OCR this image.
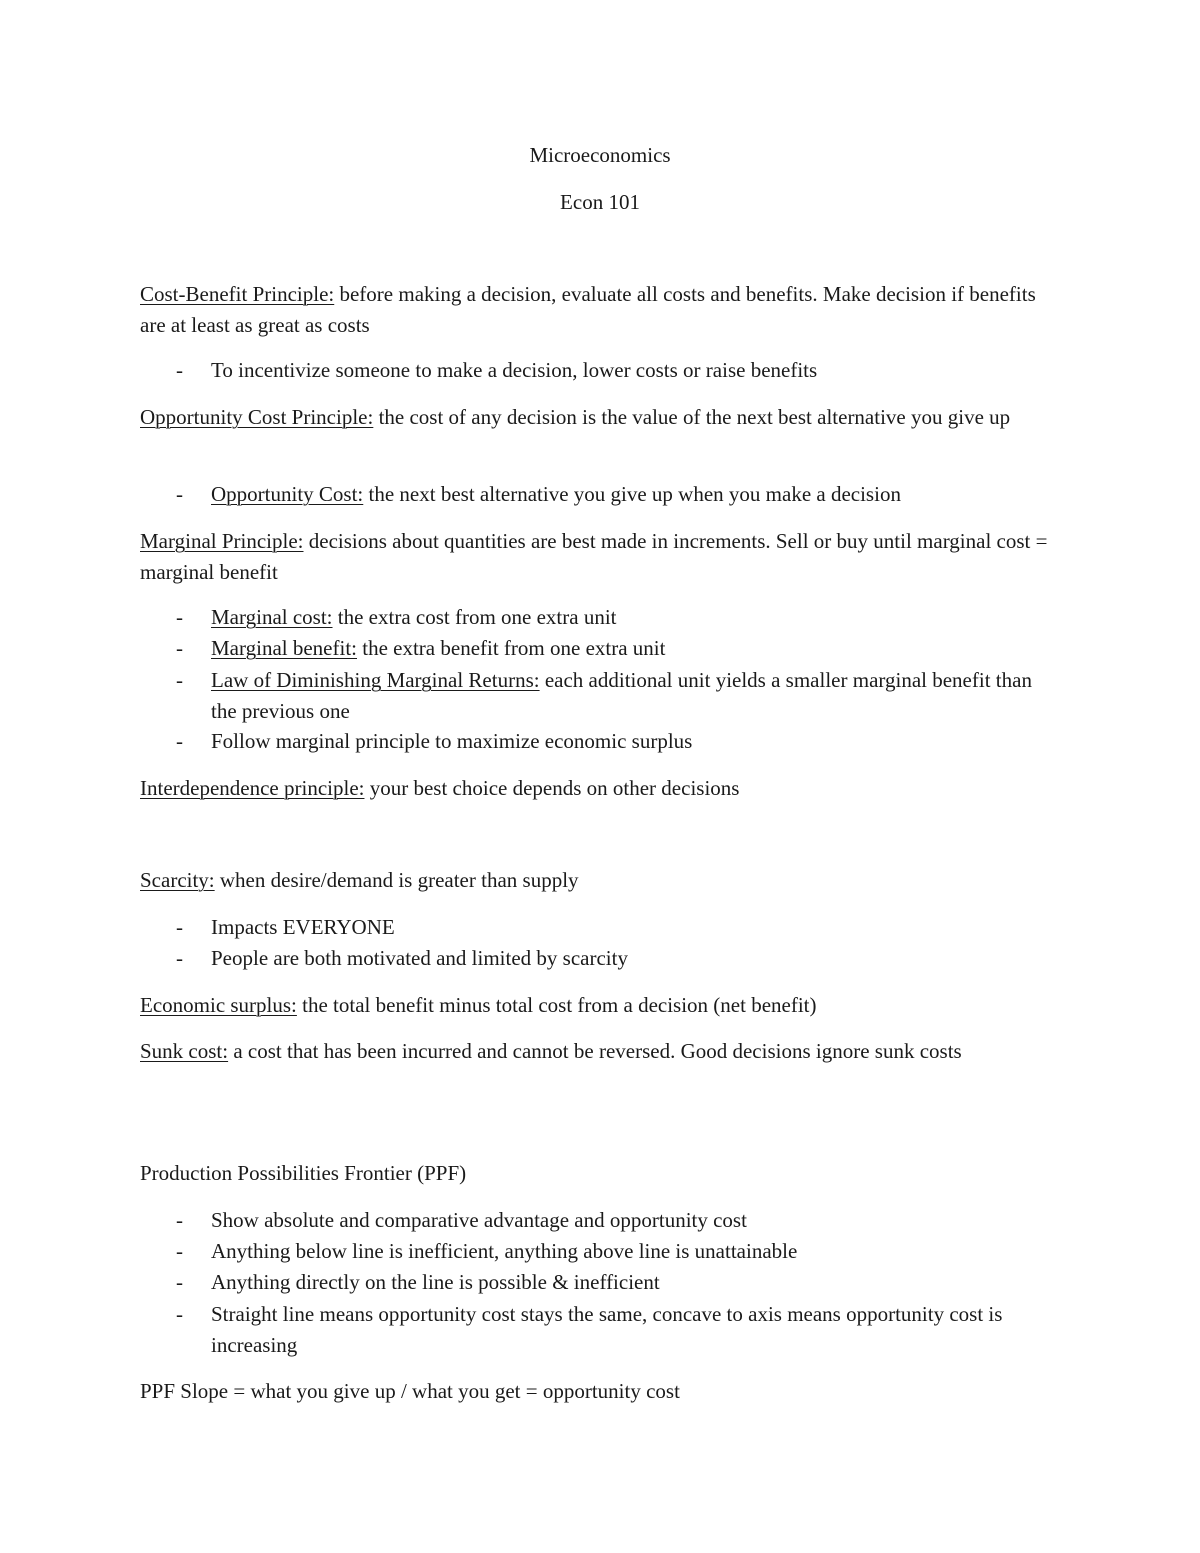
Microeconomics
Econ 101
Cost-Benefit Principle: before making a decision, evaluate all costs and benefits. Make decision if benefits are at least as great as costs
- To incentivize someone to make a decision, lower costs or raise benefits
Opportunity Cost Principle: the cost of any decision is the value of the next best alternative you give up
- Opportunity Cost: the next best alternative you give up when you make a decision
Marginal Principle: decisions about quantities are best made in increments. Sell or buy until marginal cost = marginal benefit
- Marginal cost: the extra cost from one extra unit
- Marginal benefit: the extra benefit from one extra unit
- Law of Diminishing Marginal Returns: each additional unit yields a smaller marginal benefit than the previous one
- Follow marginal principle to maximize economic surplus
Interdependence principle: your best choice depends on other decisions
Scarcity: when desire/demand is greater than supply
- Impacts EVERYONE
- People are both motivated and limited by scarcity
Economic surplus: the total benefit minus total cost from a decision (net benefit)
Sunk cost: a cost that has been incurred and cannot be reversed. Good decisions ignore sunk costs
Production Possibilities Frontier (PPF)
- Show absolute and comparative advantage and opportunity cost
- Anything below line is inefficient, anything above line is unattainable
- Anything directly on the line is possible & inefficient
- Straight line means opportunity cost stays the same, concave to axis means opportunity cost is increasing
PPF Slope = what you give up / what you get = opportunity cost
